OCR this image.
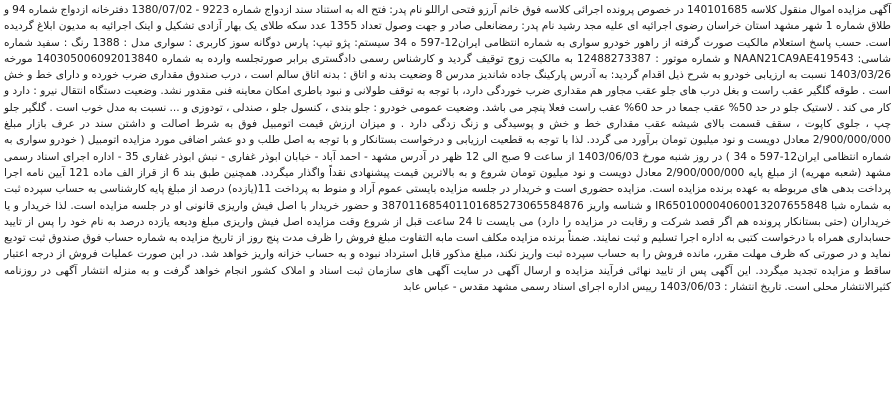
آگهی مزایده اموال منقول کلاسه 140101685 در خصوص پرونده اجرائی کلاسه فوق خانم آرزو فتحی اراللو نام پدر: فتح اله به استناد سند ازدواج شماره 9223 - 1380/07/02 دفترخانه ازدواج شماره 94 و طلاق شماره 1 شهر مشهد استان خراسان رضوی اجرائیه ای علیه مجد رشید نام پدر: رمضانعلی صادر و جهت وصول تعداد 1355 عدد سکه طلای یک بهار آزادی تشکیل و اینک اجرائیه به مدیون ابلاغ گردیده است. حسب پاسخ استعلام مالکیت صورت گرفته از راهور خودرو سواری به شماره انتظامی ایران12-597 ه 34 سیستم: پژو تیپ: پارس دوگانه سوز کاربری : سواری مدل : 1388 رنگ : سفید شماره شاسی: NAAN21CA9AE419543 و شماره موتور : 12488273387 به مالکیت زوج توقیف گردید و کارشناس رسمی دادگستری برابر صورتجلسه وارده به شماره 140305006092013840 مورخه 1403/03/26 نسبت به ارزیابی خودرو به شرح ذیل اقدام گردید: به آدرس پارکینگ جاده شاندیز مدرس 8 وضعیت بدنه و اتاق : بدنه اتاق سالم است ، درب صندوق مقداری ضرب خورده و دارای خط و خش است . طوقه گلگیر عقب راست و بغل درب های جلو عقب مجاور هم مقداری ضرب خوردگی دارد، با توجه به توقف طولانی و نبود باطری امکان معاینه فنی مقدور نشد. وضعیت دستگاه انتقال نیرو : دارد و کار می کند . لاستیک جلو در حد 50% عقب جمعا در حد 60% عقب راست فعلا پنچر می باشد. وضعیت عمومی خودرو : جلو بندی ، کنسول جلو ، صندلی ، تودوزی و ... نسبت به مدل خوب است . گلگیر جلو چپ ، جلوی کاپوت ، سقف قسمت بالای شیشه عقب مقداری خط و خش و پوسیدگی و زنگ زدگی دارد . و میزان ارزش قیمت اتومبیل فوق به شرط اصالت و داشتن سند در عرف بازار مبلغ 2/900/000/000 معادل دویست و نود میلیون تومان برآورد می گردد. لذا با توجه به قطعیت ارزیابی و درخواست بستانکار و با توجه به اصل طلب و دو عشر اضافی مورد مزایده اتومبیل ( خودرو سواری به شماره انتظامی ایران12-597 ه 34 ) در روز شنبه مورخ 1403/06/03 از ساعت 9 صبح الی 12 ظهر در آدرس مشهد - احمد آباد - خیابان ابوذر غفاری - نبش ابوذر غفاری 35 - اداره اجرای اسناد رسمی مشهد (شعبه مهریه) از مبلغ پایه 2/900/000/000 معادل دویست و نود میلیون تومان شروع و به بالاترین قیمت پیشنهادی نقداً واگذار میگردد. همچنین طبق بند 6 از قراز الف ماده 121 آیین نامه اجرا پرداخت بدهی های مربوطه به عهده برنده مزایده است. مزایده حضوری است و خریدار در جلسه مزایده بایستی عموم آراد و منوط به پرداخت 11(یازده) درصد از مبلغ پایه کارشناسی به حساب سپرده ثبت به شماره شبا IR650100004060013207655848 و شناسه واریز 387011685401101685273065584876 و حضور خریدار با اصل فیش واریزی قانونی او در جلسه مزایده است. لذا خریدار و یا خریداران (حتی بستانکار پرونده هم اگر قصد شرکت و رقابت در مزایده را دارد) می بایست تا 24 ساعت قبل از شروع وقت مزایده اصل فیش واریزی مبلغ ودیعه یازده درصد به نام خود را پس از تایید حسابداری همراه با درخواست کتبی به اداره اجرا تسلیم و ثبت نمایند. ضمناً برنده مزایده مکلف است مابه التفاوت مبلغ فروش را ظرف مدت پنج روز از تاریخ مزایده به شماره حساب فوق صندوق ثبت تودیع نماید و در صورتی که ظرف مهلت مقرر، مانده فروش را به حساب سپرده ثبت واریز نکند، مبلغ مذکور قابل استرداد نبوده و به حساب خزانه واریز خواهد شد. در این صورت عملیات فروش از درجه اعتبار ساقط و مزایده تجدید میگردد. این آگهی پس از تایید نهائی فرآیند مزایده و ارسال آگهی در سایت آگهی های سازمان ثبت اسناد و املاک کشور انجام خواهد گرفت و به منزله انتشار آگهی در روزنامه کثیرالانتشار محلی است. تاریخ انتشار : 1403/06/03 رییس اداره اجرای اسناد رسمی مشهد مقدس - عباس عابد
